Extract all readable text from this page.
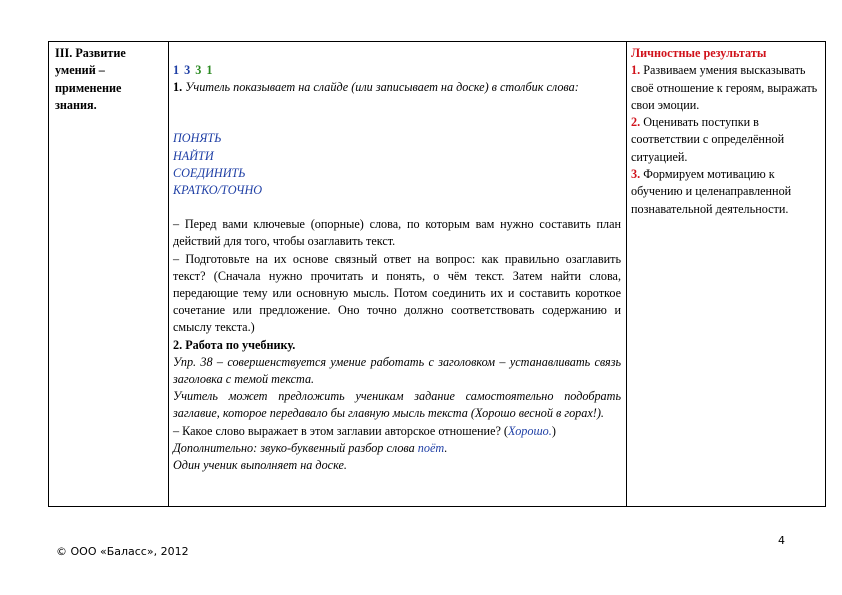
III. Развитие
умений –
применение
знания.
1 3 3 1

1. Учитель показывает на слайде (или записывает на доске) в столбик слова:

ПОНЯТЬ
НАЙТИ
СОЕДИНИТЬ
КРАТКО/ТОЧНО

– Перед вами ключевые (опорные) слова, по которым вам нужно составить план действий для того, чтобы озаглавить текст.

– Подготовьте на их основе связный ответ на вопрос: как правильно озаглавить текст? (Сначала нужно прочитать и понять, о чём текст. Затем найти слова, передающие тему или основную мысль. Потом соединить их и составить короткое сочетание или предложение. Оно точно должно соответствовать содержанию и смыслу текста.)

2. Работа по учебнику.

Упр. 38 – совершенствуется умение работать с заголовком – устанавливать связь заголовка с темой текста.

Учитель может предложить ученикам задание самостоятельно подобрать заглавие, которое передавало бы главную мысль текста (Хорошо весной в горах!).

– Какое слово выражает в этом заглавии авторское отношение? (Хорошо.)

Дополнительно: звуко-буквенный разбор слова поёт.

Один ученик выполняет на доске.

Личностные результаты

1. Развиваем умения высказывать своё отношение к героям, выражать свои эмоции.

2. Оценивать поступки в соответствии с определённой ситуацией.

3. Формируем мотивацию к обучению и целенаправленной познавательной деятельности.

4
© ООО «Баласс», 2012
